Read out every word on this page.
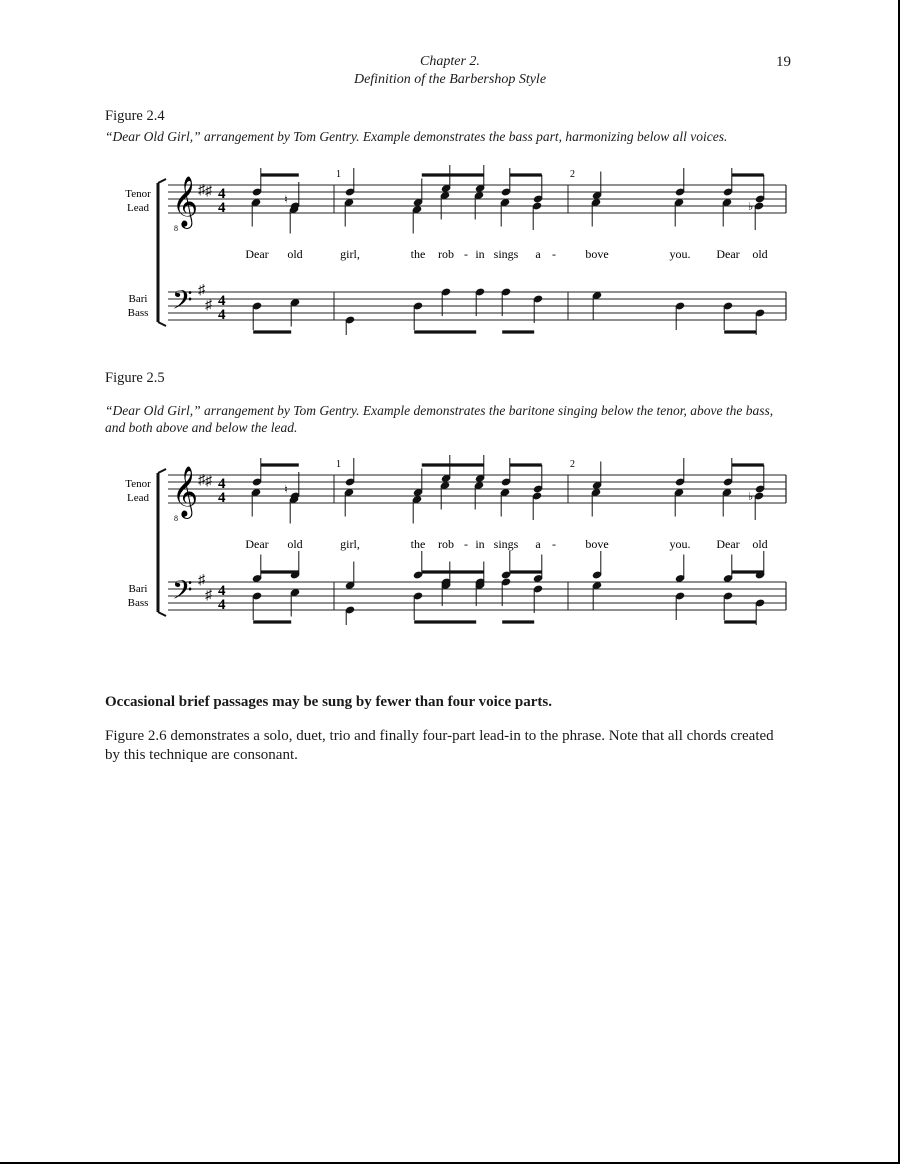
Chapter 2.
Definition of the Barbershop Style
19
Figure 2.4
“Dear Old Girl,” arrangement by Tom Gentry. Example demonstrates the bass part, harmonizing below all voices.
Tenor
Lead
Bari
Bass
𝄞
8
𝄢
♯ ♯ 4
4
♯
♯ 4
4
1	2
♮
♭
Dear old	girl,	the rob - in sings a - bove	you. Dear old
Figure 2.5
“Dear Old Girl,” arrangement by Tom Gentry. Example demonstrates the baritone singing below the tenor, above the bass, and both above and below the lead.
Tenor
Lead
Bari
Bass
𝄞
8
𝄢
♯ ♯ 4
4
♯
♯ 4
4
1	2
♮
♭
Dear old	girl,	the rob - in sings a - bove	you. Dear old
Occasional brief passages may be sung by fewer than four voice parts.
Figure 2.6 demonstrates a solo, duet, trio and finally four-part lead-in to the phrase. Note that all chords created by this technique are consonant.
